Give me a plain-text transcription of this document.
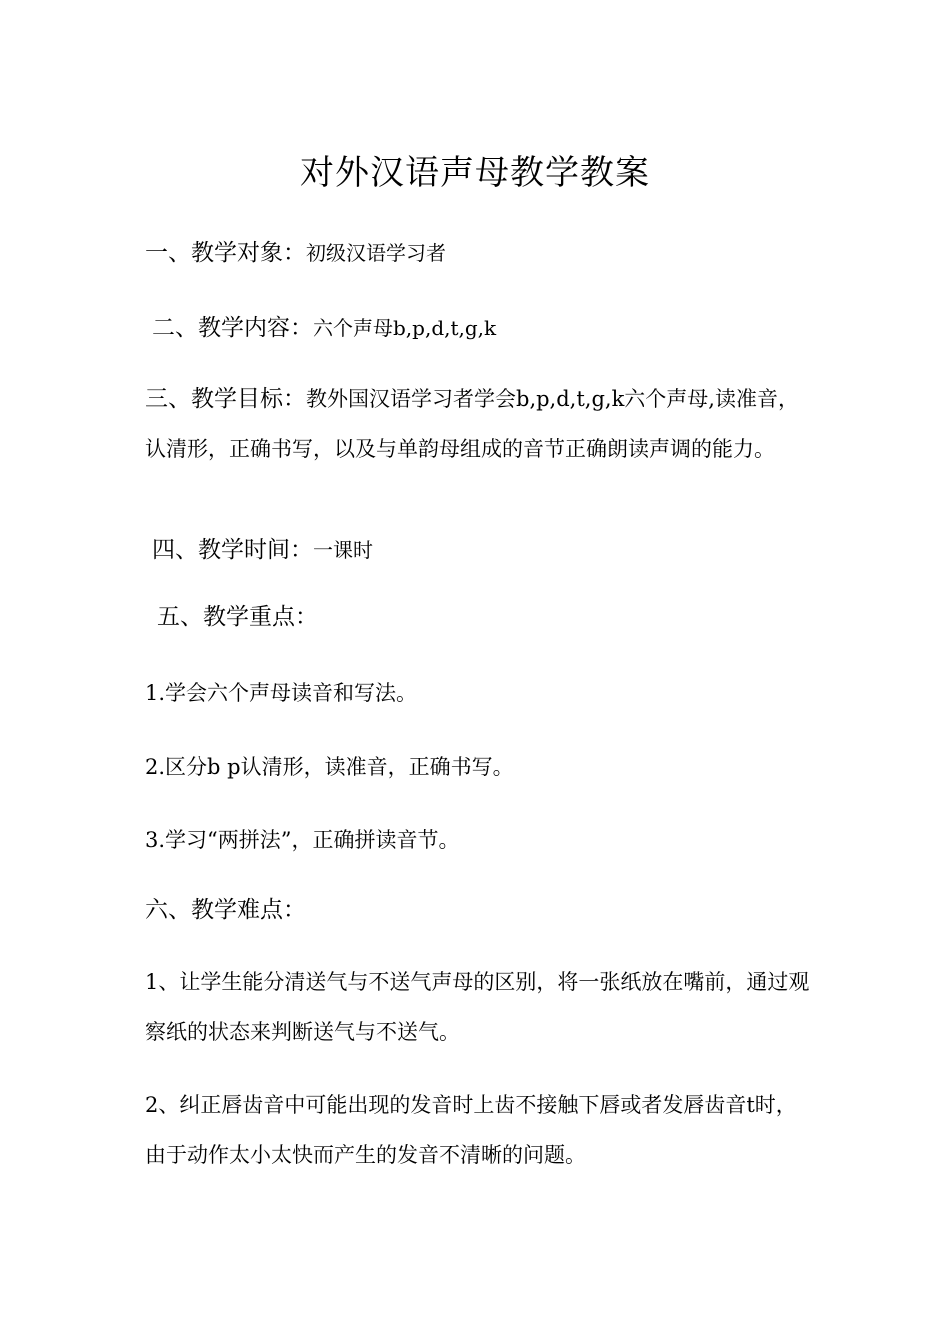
对外汉语声母教学教案
一、教学对象：初级汉语学习者
二、教学内容：六个声母b,p,d,t,g,k
三、教学目标：教外国汉语学习者学会b,p,d,t,g,k六个声母,读准音，认清形，正确书写，以及与单韵母组成的音节正确朗读声调的能力。
四、教学时间：一课时
五、教学重点：
1.学会六个声母读音和写法。
2.区分b p认清形，读准音，正确书写。
3.学习“两拼法”，正确拼读音节。
六、教学难点：
1、让学生能分清送气与不送气声母的区别，将一张纸放在嘴前，通过观察纸的状态来判断送气与不送气。
2、纠正唇齿音中可能出现的发音时上齿不接触下唇或者发唇齿音t时，由于动作太小太快而产生的发音不清晰的问题。
